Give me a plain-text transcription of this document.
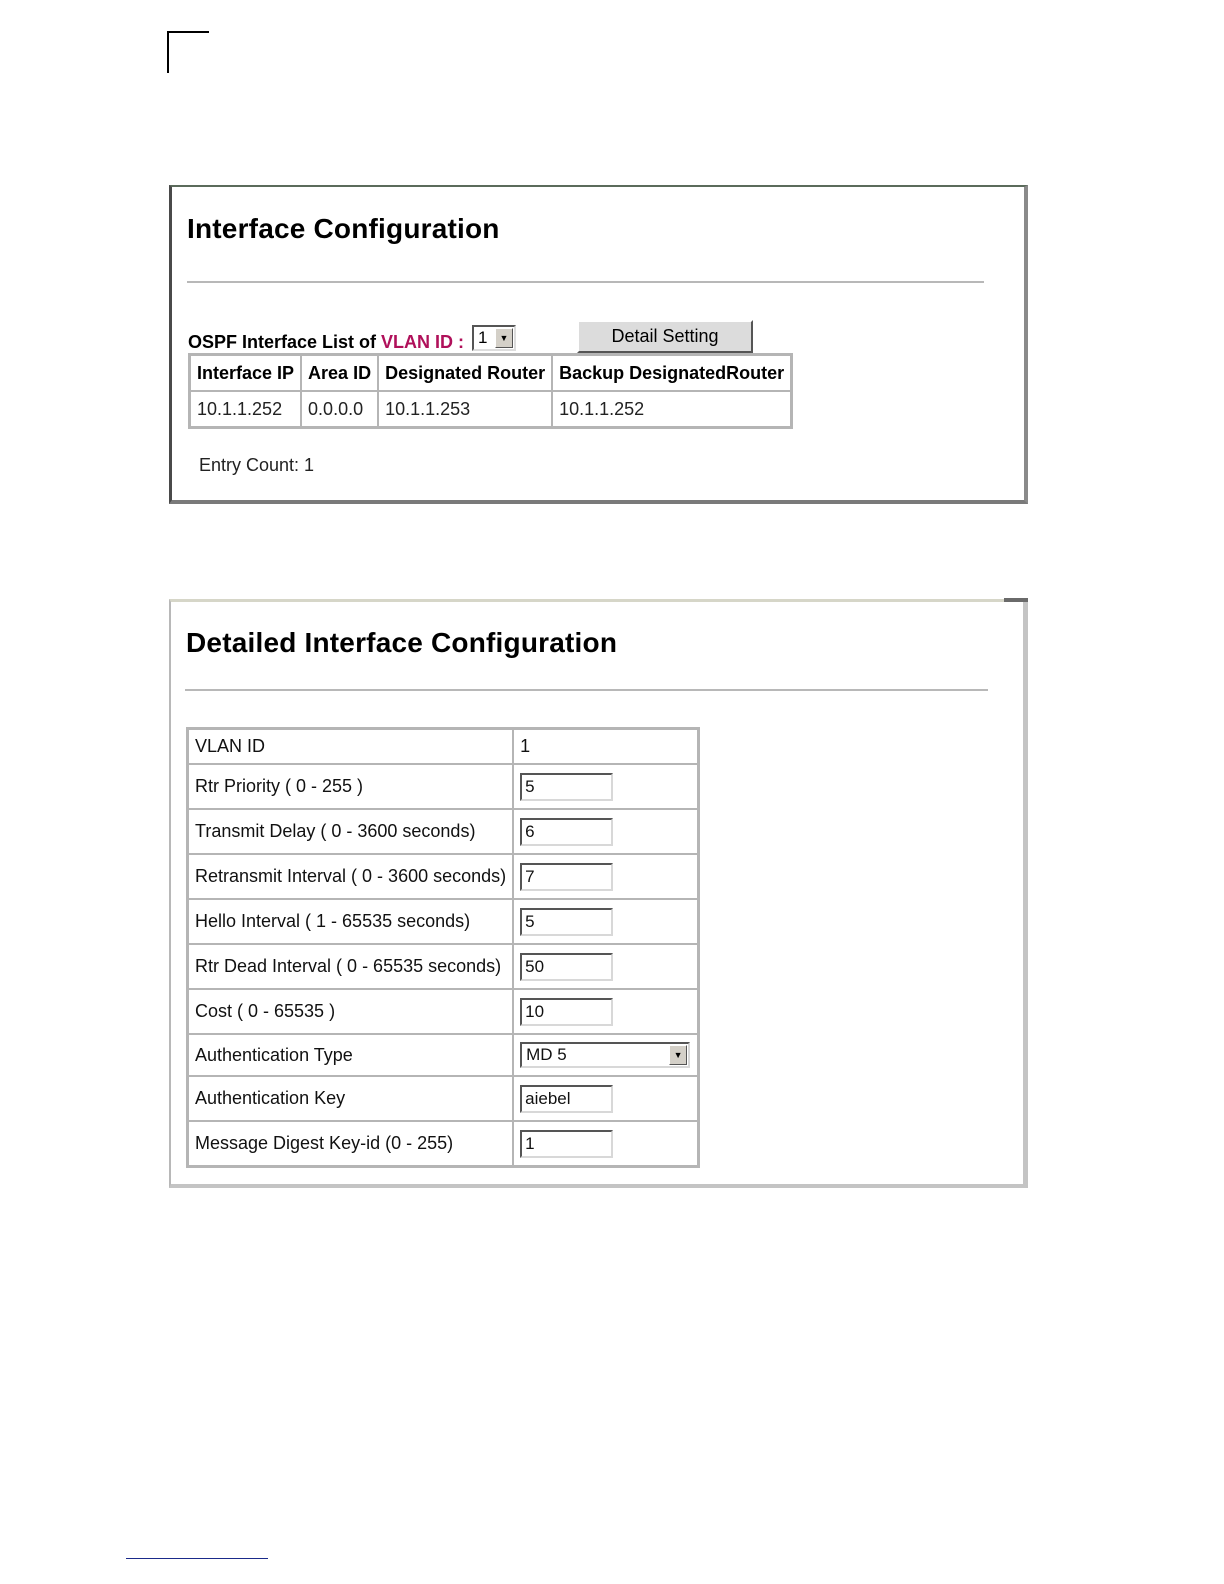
Interface Configuration
OSPF Interface List of VLAN ID : 1	▼	Detail Setting
Interface IP	Area ID	Designated Router	Backup DesignatedRouter
10.1.1.252	0.0.0.0	10.1.1.253	10.1.1.252
Entry Count: 1
Detailed Interface Configuration
VLAN ID	1
Rtr Priority ( 0 - 255 )	5
Transmit Delay ( 0 - 3600 seconds)	6
Retransmit Interval ( 0 - 3600 seconds)	7
Hello Interval ( 1 - 65535 seconds)	5
Rtr Dead Interval ( 0 - 65535 seconds)	50
Cost ( 0 - 65535 )	10
Authentication Type	MD 5 ▼

Authentication Key	aiebel
Message Digest Key-id (0 - 255)	1
